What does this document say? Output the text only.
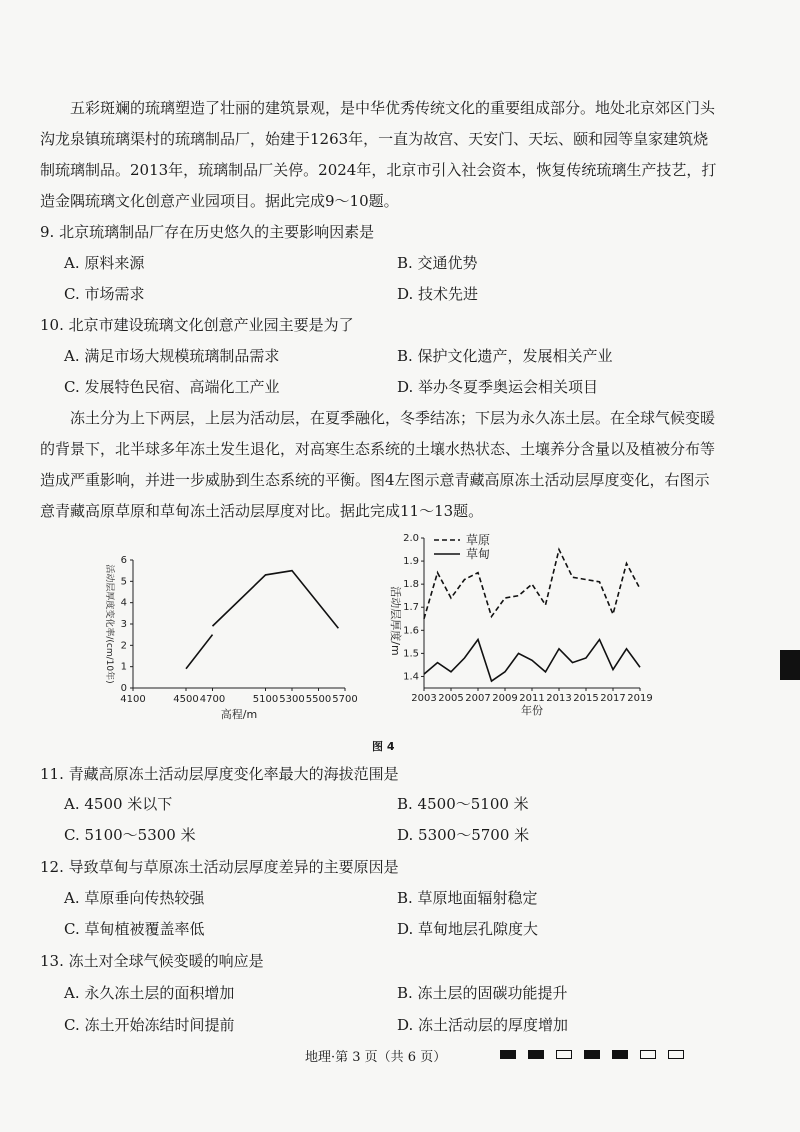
五彩斑斓的琉璃塑造了壮丽的建筑景观，是中华优秀传统文化的重要组成部分。地处北京郊区门头沟龙泉镇琉璃渠村的琉璃制品厂，始建于1263年，一直为故宫、天安门、天坛、颐和园等皇家建筑烧制琉璃制品。2013年，琉璃制品厂关停。2024年，北京市引入社会资本，恢复传统琉璃生产技艺，打造金隅琉璃文化创意产业园项目。据此完成9～10题。

9. 北京琉璃制品厂存在历史悠久的主要影响因素是

A. 原料来源	B. 交通优势

C. 市场需求	D. 技术先进

10. 北京市建设琉璃文化创意产业园主要是为了

A. 满足市场大规模琉璃制品需求	B. 保护文化遗产，发展相关产业

C. 发展特色民宿、高端化工产业	D. 举办冬夏季奥运会相关项目

冻土分为上下两层，上层为活动层，在夏季融化，冬季结冻；下层为永久冻土层。在全球气候变暖的背景下，北半球多年冻土发生退化，对高寒生态系统的土壤水热状态、土壤养分含量以及植被分布等造成严重影响，并进一步威胁到生态系统的平衡。图4左图示意青藏高原冻土活动层厚度变化，右图示意青藏高原草原和草甸冻土活动层厚度对比。据此完成11～13题。

0
1
2
3
4
5
6
4100	4500 4700	5100 5300 5500 5700
高程/m
活动层厚度变化率/(cm/10年)	1.4
1.5
1.6
1.7
1.8
1.9
2.0
2003 2005 2007 2009 2011 2013 2015 2017 2019
年份
活动层厚度/m
草原
草甸
图 4

11. 青藏高原冻土活动层厚度变化率最大的海拔范围是

A. 4500 米以下	B. 4500～5100 米

C. 5100～5300 米	D. 5300～5700 米

12. 导致草甸与草原冻土活动层厚度差异的主要原因是

A. 草原垂向传热较强	B. 草原地面辐射稳定

C. 草甸植被覆盖率低	D. 草甸地层孔隙度大

13. 冻土对全球气候变暖的响应是

A. 永久冻土层的面积增加	B. 冻土层的固碳功能提升

C. 冻土开始冻结时间提前	D. 冻土活动层的厚度增加

地理·第 3 页（共 6 页）
